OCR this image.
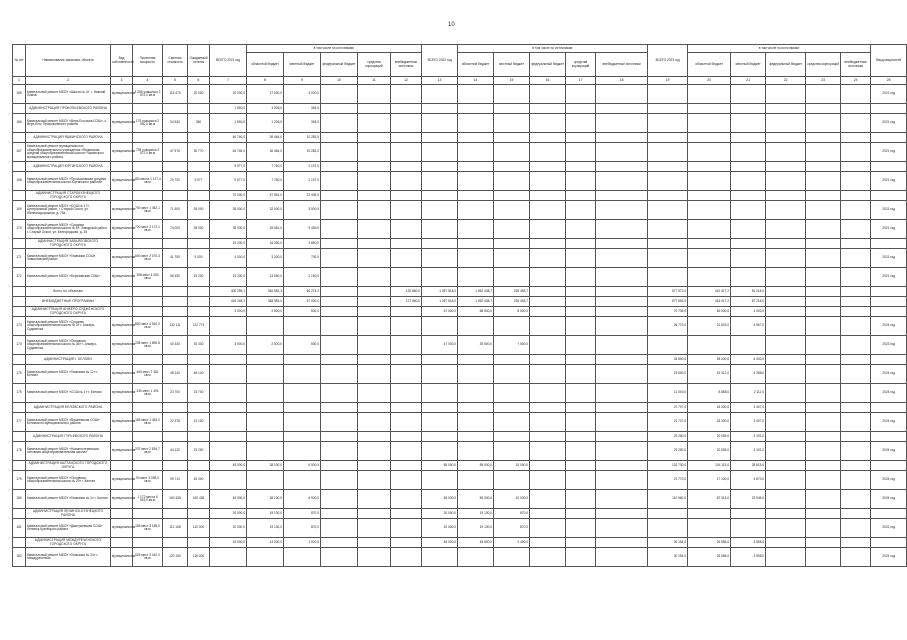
10
№ п/п	Наименование заказчика, объекта	Вид собственности	Проектная мощность	Сметная стоимость	Ожидаемый остаток	ВСЕГО 2021 год	в том числе по источникам:					ВСЕГО 2022 год	в том числе по источникам:					ВСЕГО 2023 год	в том числе по источникам:					Ввод мощностей
							областной бюджет	местный бюджет	федеральный бюджет	средства корпораций	внебюджетные источники		областной бюджет	местный бюджет	федеральный бюджет	средства корпораций	внебюджетные источники		областной бюджет	местный бюджет	федеральный бюджет	средства корпораций	внебюджетные источники	
1	2	3	4	5	6	7	8	9	10	11	12	13	14	15	16	17	18	19	20	21	22	23	24	25
165	Капитальный ремонт МБОУ «Школа № 4», г. Нижний Ломов	муниципальная	1 256 учащихся 3 572,0 кв.м	115 470	20 000	20 000,0	17 000,0	3 000,0																2021 год
	АДМИНИСТРАЦИЯ ПРОКОПЬЕВСКОГО РАЙОНА					1 550,0	1 205,0	345,0																
166	Капитальный ремонт МБОУ «Верх-Егосская СОШ», с. Верх-Егос Прокопьевского района	муниципальная	175 учащихся 2 040,0 кв.м	34 530	350	1 550,0	1 205,0	345,0																2021 год
	АДМИНИСТРАЦИЯ ЯШКИНСКОГО РАЙОНА					46 746,0	36 464,0	10 282,0																
167	Капитальный ремонт муниципального общеобразовательного учреждения «Яшкинская средняя общеобразовательная школа» Яшкинского муниципального района	муниципальная	738 учащихся 2 572,0 кв.м	47 576	30 770	46 746,0	36 464,0	10 282,0																2021 год
	АДМИНИСТРАЦИЯ ЮРГИНСКОГО РАЙОНА					9 977,0	7 780,0	2 197,0																
168	Капитальный ремонт МБОУ «Проскоковская средняя общеобразовательная школа Юргинского района»	муниципальная	183 места 1 127,4 кв.м	20 700	9 977	9 977,0	7 780,0	2 197,0																2021 год
	АДМИНИСТРАЦИЯ СТАРОКУЗНЕЦКОГО ГОРОДСКОГО ОКРУГА					70 000,0	57 561,0	12 439,0																
169	Капитальный ремонт МБОУ «СОШ № 17», Центральный район, г. Старый Оскол, ул. Железнодорожная, д. 75а	муниципальная	700 мест 1 452,1 кв.м	71 500	35 000	35 000,0	32 000,0	3 000,0																2021 год
170	Капитальный ремонт МБОУ «Средняя общеобразовательная школа № 6», Заводской район, г. Старый Оскол, ул. Белгородская, д. 35	муниципальная	720 мест 3 172,1 кв.м	74 000	35 000	35 000,0	25 561,0	9 439,0																2021 год
	АДМИНИСТРАЦИЯ ЗАВЬЯЛОВСКОГО ГОРОДСКОГО ОКРУГА					19 200,0	16 350,0	2 850,0																
171	Капитальный ремонт МБОУ «Гимназия СОШ», Завьяловский район	муниципальная	600 мест 2 070,3 кв.м	41 750	9 000	4 000,0	3 300,0	700,0																2021 год
172	Капитальный ремонт МБОУ «Березовская СОШ»	муниципальная	398 мест 4 283 кв.м	56 450	15 200	15 200,0	13 050,0	2 150,0																2021 год
	Всего по объектам					400 255,1	340 552,3	60 274,2			120 860,0	1 287 518,0	1 052 438,7	235 453,7				577 572,0	419 417,2	81 218,0				
	ВНЕБЮДЖЕТНЫЕ ПРОГРАММЫ					416 245,1	348 553,0	67 000,0			127 560,0	1 287 518,0	1 052 438,7	235 453,7				577 653,0	419 417,2	87 218,0				
	АДМИНИСТРАЦИЯ АНЖЕРО-СУДЖЕНСКОГО ГОРОДСКОГО ОКРУГА					3 000,0	2 500,0	500,0				67 000,0	58 500,0	8 500,0				70 735,0	60 000,0	4 000,0				
173	Капитальный ремонт МБОУ «Средняя общеобразовательная школа № 3» г. Анжеро-Судженска	муниципальная	800 мест 4 520,0 кв.м	132 111	122 774													26 770,0	21 803,0	4 967,0				2024 год
174	Капитальный ремонт МБОУ «Основная общеобразовательная школа № 36» г. Анжеро-Судженска	муниципальная	235 мест 1 890,8 кв.м	40 330	30 330	3 000,0	2 500,0	500,0				47 000,0	39 500,0	7 500,0										2023 год
	АДМИНИСТРАЦИЯ г. БЕЛОВО																	34 600,0	28 200,0	6 400,0				
175	Капитальный ремонт МБОУ «Гимназия № 12» г. Белово	муниципальная	450 мест 2 381 кв.м	48 140	48 140													23 600,0	19 312,0	4 288,0				2024 год
176	Капитальный ремонт МБОУ «СОШ № 1» г. Белово	муниципальная	330 мест 1 491 кв.м	23 700	23 700													11 000,0	8 888,0	2 112,0				2024 год
	АДМИНИСТРАЦИЯ БЕЛОВСКОГО РАЙОНА																	21 707,0	18 300,0	3 407,0				
177	Капитальный ремонт МБОУ «Вишневская СОШ» Беловского муниципального района	муниципальная	165 мест 1 453,0 кв.м	22 378	13 100													21 707,0	18 300,0	3 407,0				2024 год
	АДМИНИСТРАЦИЯ ГУРЬЕВСКОГО РАЙОНА																	23 250,0	20 059,0	3 191,0				
178	Капитальный ремонт МБОУ «Новопестеревская основная общеобразовательная школа»	муниципальная	237 мест 2 834,7 кв.м	44 120	23 250													23 250,0	20 059,0	3 191,0				2024 год
	АДМИНИСТРАЦИЯ КАЛТАНСКОГО ГОРОДСКОГО ОКРУГА					45 000,0	38 100,0	6 900,0				65 000,0	55 000,0	10 000,0				132 730,0	104 115,0	28 615,0				
179	Капитальный ремонт МБОУ «Основная общеобразовательная школа № 29» г. Калтан	муниципальная	90 мест 3 095,0 кв.м	99 710	45 000													21 770,0	17 100,0	4 670,0				2024 год
180	Капитальный ремонт МБОУ «Гимназия № 1» г. Калтан	муниципальная	1 172 места 6 519,0 кв.м	160 435	160 435	45 000,0	38 100,0	6 900,0				65 000,0	55 000,0	10 000,0				110 960,0	87 015,0	23 945,0				2024 год
	АДМИНИСТРАЦИЯ ЛЕНИНСК-КУЗНЕЦКОГО РАЙОНА					20 000,0	19 130,0	870,0				20 000,0	19 130,0	870,0										
181	Капитальный ремонт МБОУ «Дмитриевская СОШ» Ленинск-Кузнецкого района	муниципальная	155 мест 3 185,0 кв.м	112 168	110 000	20 000,0	19 130,0	870,0				20 000,0	19 130,0	870,0										2022 год
	АДМИНИСТРАЦИЯ МЕЖДУРЕЧЕНСКОГО ГОРОДСКОГО ОКРУГА					15 000,0	14 000,0	1 000,0				48 000,0	45 600,0	2 400,0				30 154,0	26 556,0	3 598,0				
182	Капитальный ремонт МБОУ «Гимназия № 24» г. Междуреченска	муниципальная	525 мест 3 410,0 кв.м	120 100	116 000													30 154,0	26 556,0	3 598,0				2024 год
